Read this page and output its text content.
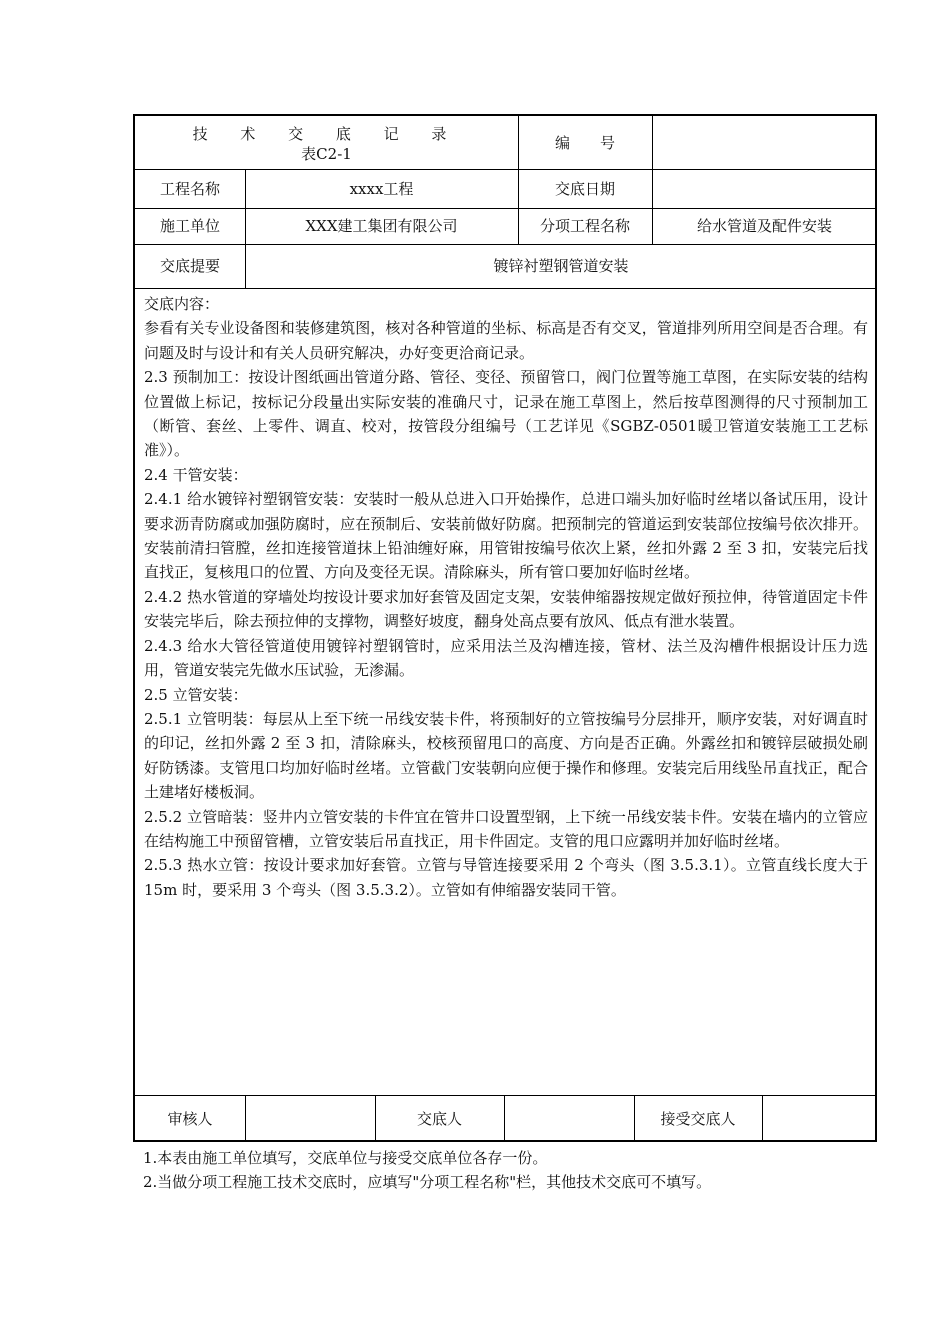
技 术 交 底 记 录
表C2-1
编　　号
工程名称	xxxx工程	交底日期
施工单位	XXX建工集团有限公司	分项工程名称	给水管道及配件安装
交底提要	镀锌衬塑钢管道安装

交底内容：

参看有关专业设备图和装修建筑图，核对各种管道的坐标、标高是否有交叉，管道排列所用空间是否合理。有问题及时与设计和有关人员研究解决，办好变更洽商记录。

2.3 预制加工：按设计图纸画出管道分路、管径、变径、预留管口，阀门位置等施工草图，在实际安装的结构位置做上标记，按标记分段量出实际安装的准确尺寸，记录在施工草图上，然后按草图测得的尺寸预制加工（断管、套丝、上零件、调直、校对，按管段分组编号（工艺详见《SGBZ-0501暖卫管道安装施工工艺标准》）。

2.4 干管安装：

2.4.1 给水镀锌衬塑钢管安装：安装时一般从总进入口开始操作，总进口端头加好临时丝堵以备试压用，设计要求沥青防腐或加强防腐时，应在预制后、安装前做好防腐。把预制完的管道运到安装部位按编号依次排开。安装前清扫管膛，丝扣连接管道抹上铅油缠好麻，用管钳按编号依次上紧，丝扣外露 2 至 3 扣，安装完后找直找正，复核甩口的位置、方向及变径无误。清除麻头，所有管口要加好临时丝堵。

2.4.2 热水管道的穿墙处均按设计要求加好套管及固定支架，安装伸缩器按规定做好预拉伸，待管道固定卡件安装完毕后，除去预拉伸的支撑物，调整好坡度，翻身处高点要有放风、低点有泄水装置。

2.4.3 给水大管径管道使用镀锌衬塑钢管时，应采用法兰及沟槽连接，管材、法兰及沟槽件根据设计压力选用，管道安装完先做水压试验，无渗漏。

2.5 立管安装：

2.5.1 立管明装：每层从上至下统一吊线安装卡件，将预制好的立管按编号分层排开，顺序安装，对好调直时的印记，丝扣外露 2 至 3 扣，清除麻头，校核预留甩口的高度、方向是否正确。外露丝扣和镀锌层破损处刷好防锈漆。支管甩口均加好临时丝堵。立管截门安装朝向应便于操作和修理。安装完后用线坠吊直找正，配合土建堵好楼板洞。

2.5.2 立管暗装：竖井内立管安装的卡件宜在管井口设置型钢，上下统一吊线安装卡件。安装在墙内的立管应在结构施工中预留管槽，立管安装后吊直找正，用卡件固定。支管的甩口应露明并加好临时丝堵。

2.5.3 热水立管：按设计要求加好套管。立管与导管连接要采用 2 个弯头（图 3.5.3.1）。立管直线长度大于 15m 时，要采用 3 个弯头（图 3.5.3.2）。立管如有伸缩器安装同干管。

审核人	交底人	接受交底人

1.本表由施工单位填写，交底单位与接受交底单位各存一份。

2.当做分项工程施工技术交底时，应填写"分项工程名称"栏，其他技术交底可不填写。
